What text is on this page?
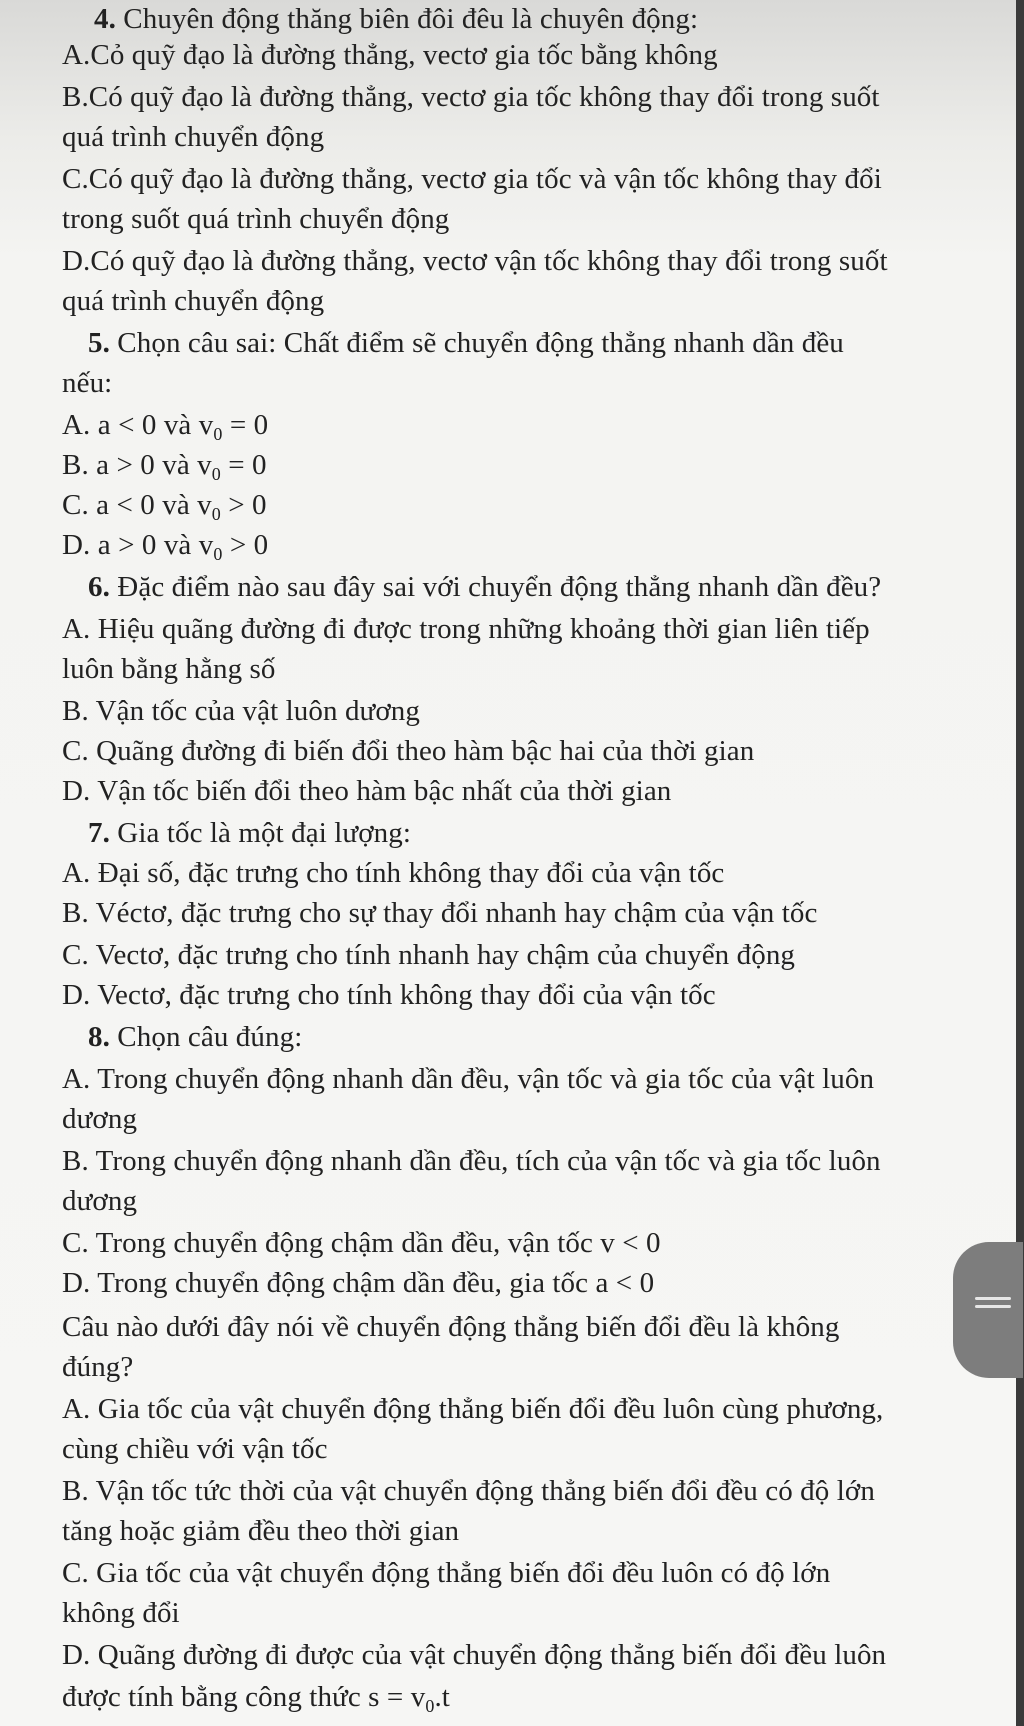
4. Chuyên động thăng biên đôi đêu là chuyên động:
A.Cỏ quỹ đạo là đường thẳng, vectơ gia tốc bằng không
B.Có quỹ đạo là đường thẳng, vectơ gia tốc không thay đổi trong suốt
quá trình chuyển động
C.Có quỹ đạo là đường thẳng, vectơ gia tốc và vận tốc không thay đổi
trong suốt quá trình chuyển động
D.Có quỹ đạo là đường thẳng, vectơ vận tốc không thay đổi trong suốt
quá trình chuyển động
5. Chọn câu sai: Chất điểm sẽ chuyển động thẳng nhanh dần đều
nếu:
A. a < 0 và $v_0 = 0$
B. a > 0 và $v_0 = 0$
C. a < 0 và $v_0 > 0$
D. a > 0 và $v_0 > 0$
6. Đặc điểm nào sau đây sai với chuyển động thẳng nhanh dần đều?
A. Hiệu quãng đường đi được trong những khoảng thời gian liên tiếp
luôn bằng hằng số
B. Vận tốc của vật luôn dương
C. Quãng đường đi biến đổi theo hàm bậc hai của thời gian
D. Vận tốc biến đổi theo hàm bậc nhất của thời gian
7. Gia tốc là một đại lượng:
A. Đại số, đặc trưng cho tính không thay đổi của vận tốc
B. Véctơ, đặc trưng cho sự thay đổi nhanh hay chậm của vận tốc
C. Vectơ, đặc trưng cho tính nhanh hay chậm của chuyển động
D. Vectơ, đặc trưng cho tính không thay đổi của vận tốc
8. Chọn câu đúng:
A. Trong chuyển động nhanh dần đều, vận tốc và gia tốc của vật luôn
dương
B. Trong chuyển động nhanh dần đều, tích của vận tốc và gia tốc luôn
dương
C. Trong chuyển động chậm dần đều, vận tốc v < 0
D. Trong chuyển động chậm dần đều, gia tốc a < 0
Câu nào dưới đây nói về chuyển động thẳng biến đổi đều là không
đúng?
A. Gia tốc của vật chuyển động thẳng biến đổi đều luôn cùng phương,
cùng chiều với vận tốc
B. Vận tốc tức thời của vật chuyển động thẳng biến đổi đều có độ lớn
tăng hoặc giảm đều theo thời gian
C. Gia tốc của vật chuyển động thẳng biến đổi đều luôn có độ lớn
không đổi
D. Quãng đường đi được của vật chuyển động thẳng biến đổi đều luôn
được tính bằng công thức $s = v_0.t$
